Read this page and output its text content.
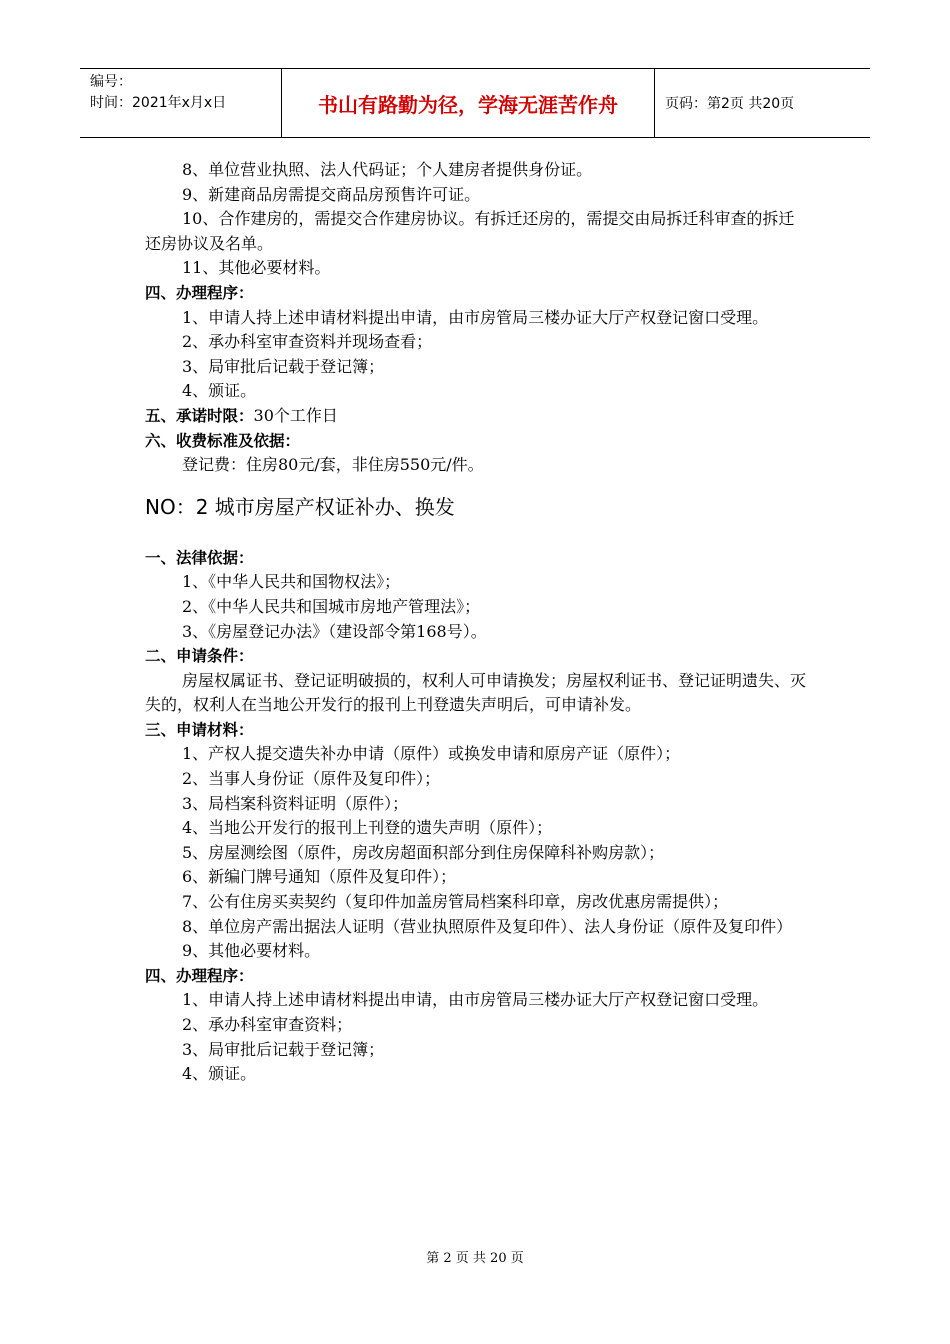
编号：
时间：2021年x月x日	书山有路勤为径，学海无涯苦作舟	页码：第2页 共20页

8、单位营业执照、法人代码证；个人建房者提供身份证。

9、新建商品房需提交商品房预售许可证。

10、合作建房的，需提交合作建房协议。有拆迁还房的，需提交由局拆迁科审查的拆迁还房协议及名单。

11、其他必要材料。

四、办理程序：

1、申请人持上述申请材料提出申请，由市房管局三楼办证大厅产权登记窗口受理。

2、承办科室审查资料并现场查看；

3、局审批后记载于登记簿；

4、颁证。

五、承诺时限：30个工作日

六、收费标准及依据：

登记费：住房80元/套，非住房550元/件。

NO：2 城市房屋产权证补办、换发

一、法律依据：

1、《中华人民共和国物权法》；

2、《中华人民共和国城市房地产管理法》；

3、《房屋登记办法》（建设部令第168号）。

二、申请条件：

房屋权属证书、登记证明破损的，权利人可申请换发；房屋权利证书、登记证明遗失、灭失的，权利人在当地公开发行的报刊上刊登遗失声明后，可申请补发。

三、申请材料：

1、产权人提交遗失补办申请（原件）或换发申请和原房产证（原件）；

2、当事人身份证（原件及复印件）；

3、局档案科资料证明（原件）；

4、当地公开发行的报刊上刊登的遗失声明（原件）；

5、房屋测绘图（原件，房改房超面积部分到住房保障科补购房款）；

6、新编门牌号通知（原件及复印件）；

7、公有住房买卖契约（复印件加盖房管局档案科印章，房改优惠房需提供）；

8、单位房产需出据法人证明（营业执照原件及复印件）、法人身份证（原件及复印件）

9、其他必要材料。

四、办理程序：

1、申请人持上述申请材料提出申请，由市房管局三楼办证大厅产权登记窗口受理。

2、承办科室审查资料；

3、局审批后记载于登记簿；

4、颁证。

第 2 页 共 20 页
